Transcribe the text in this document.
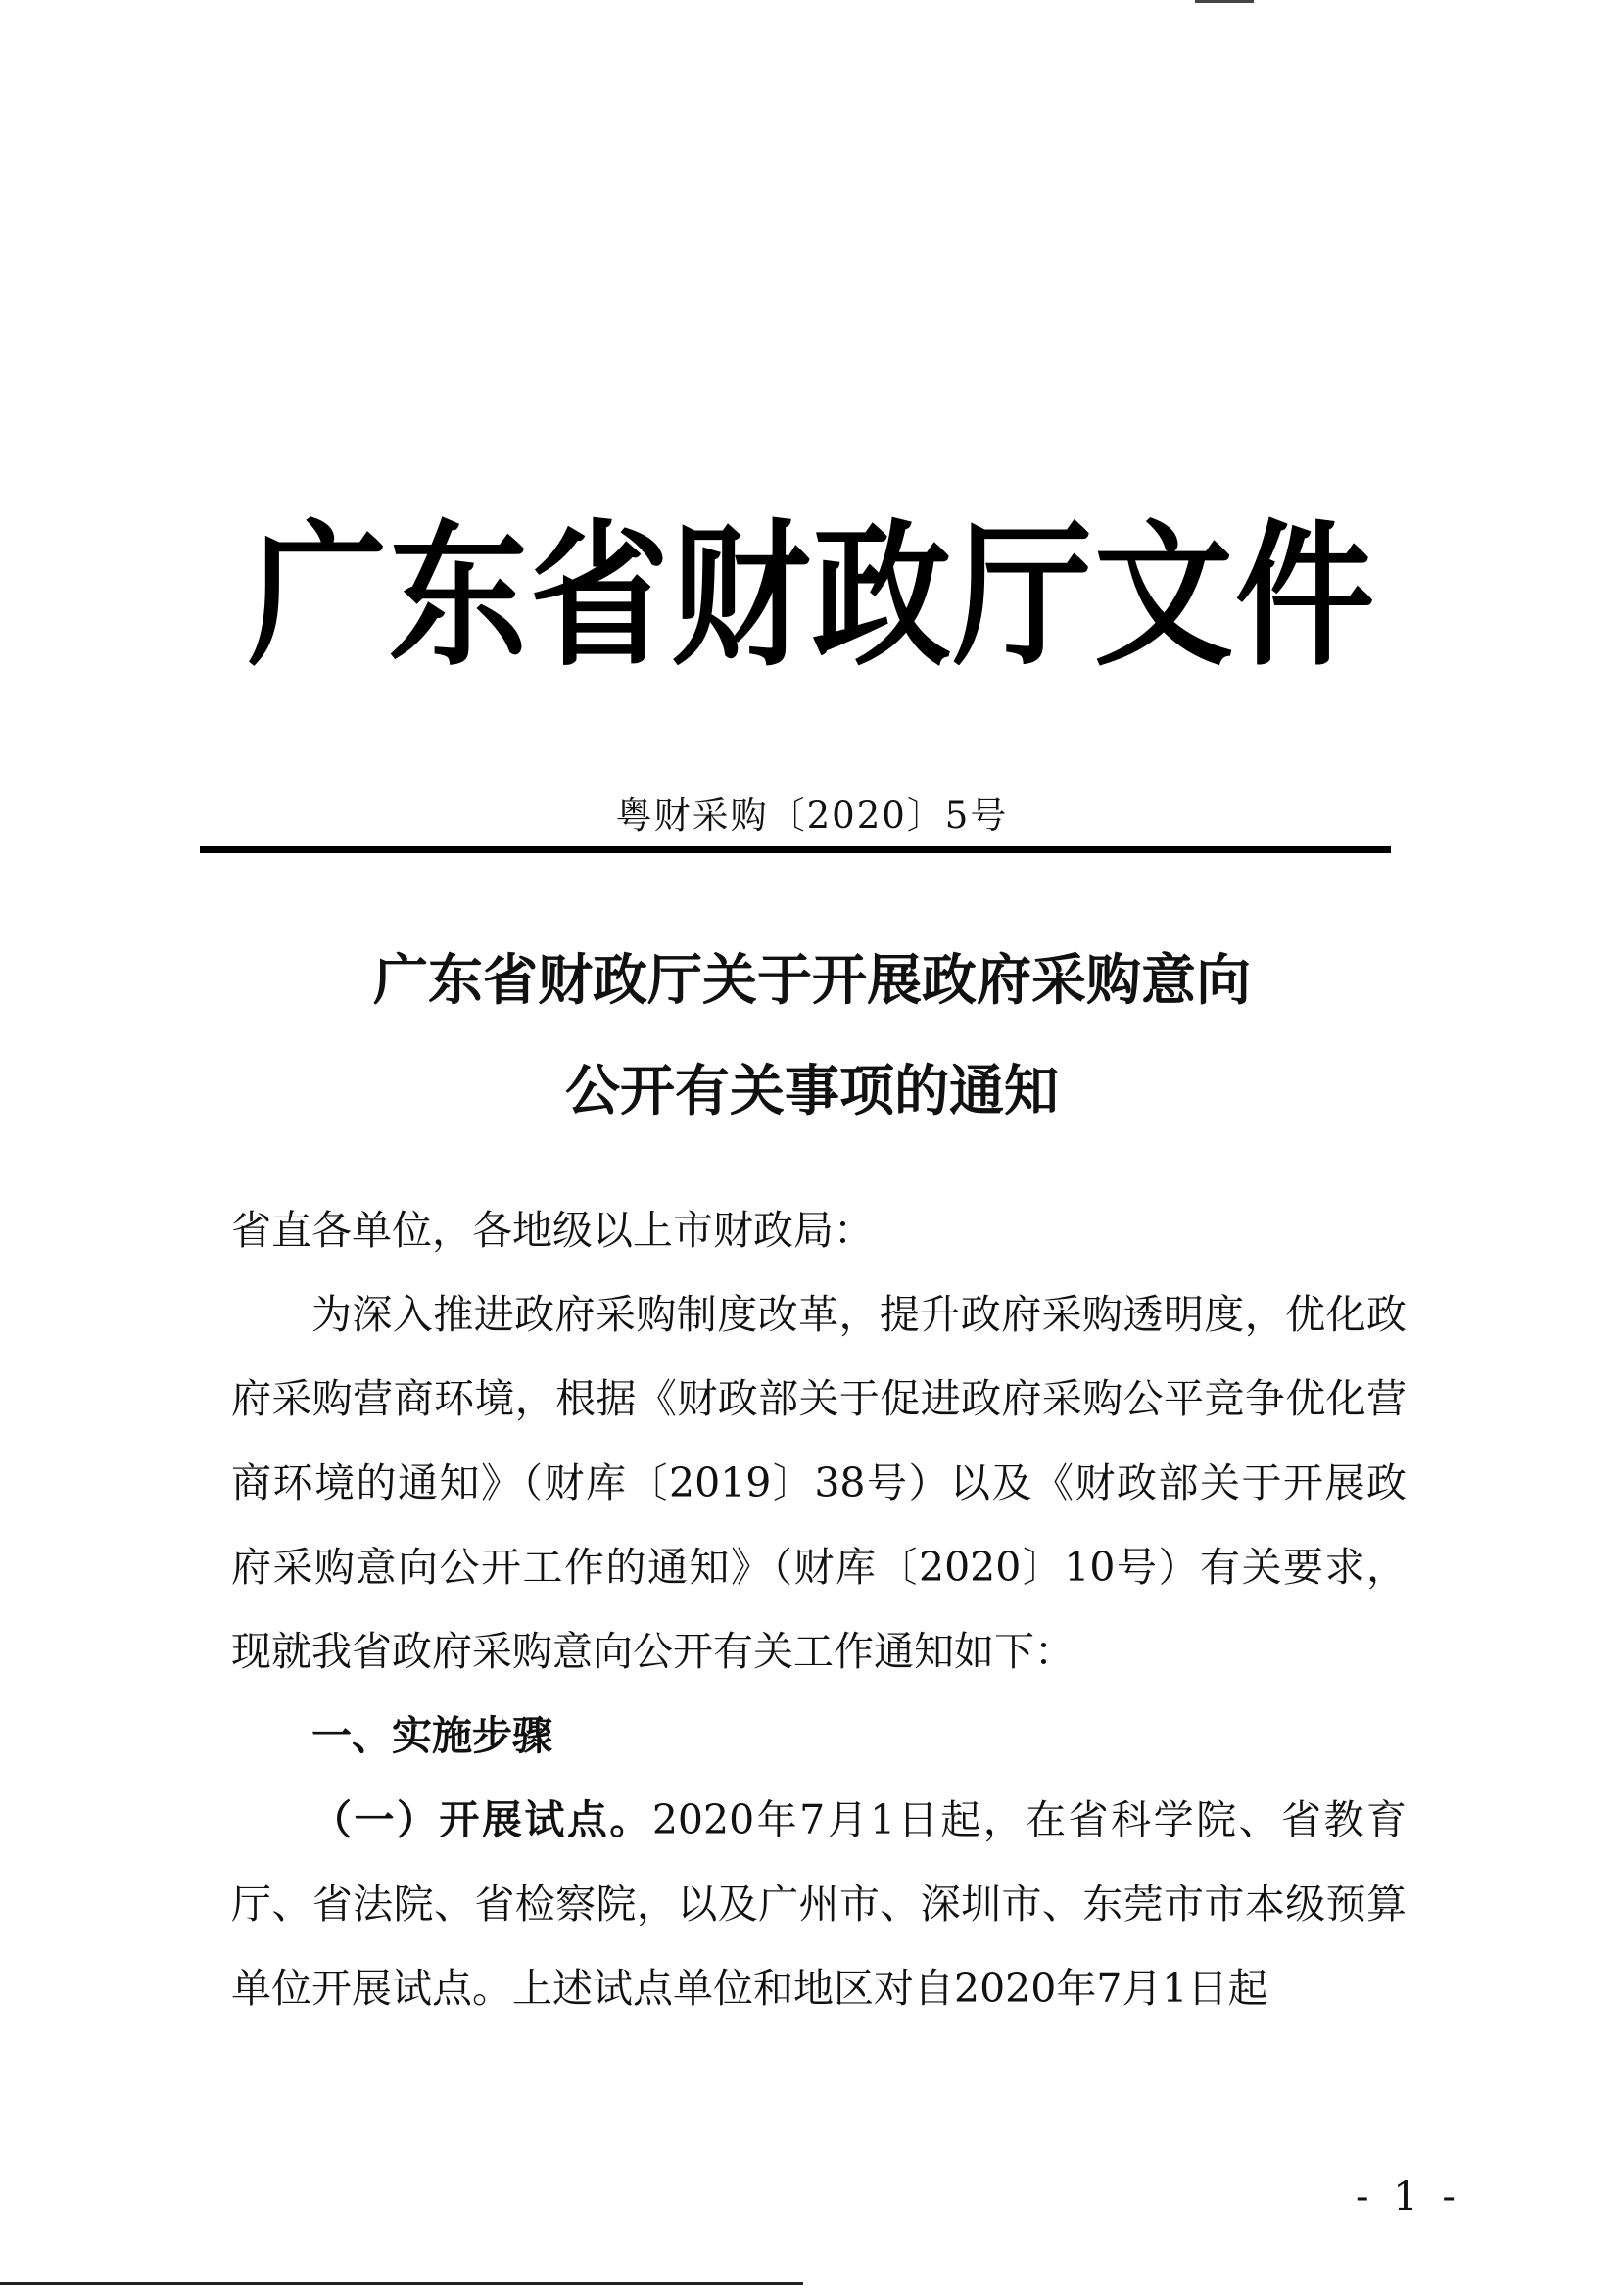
广东省财政厅文件
粤财采购〔2020〕5号
广东省财政厅关于开展政府采购意向
公开有关事项的通知

省直各单位，各地级以上市财政局：

为深入推进政府采购制度改革，提升政府采购透明度，优化政府采购营商环境，根据《财政部关于促进政府采购公平竞争优化营商环境的通知》（财库〔2019〕38号）以及《财政部关于开展政府采购意向公开工作的通知》（财库〔2020〕10号）有关要求，现就我省政府采购意向公开有关工作通知如下：

一、实施步骤

（一）开展试点。2020年7月1日起，在省科学院、省教育厅、省法院、省检察院，以及广州市、深圳市、东莞市市本级预算单位开展试点。上述试点单位和地区对自2020年7月1日起

- 1 -
